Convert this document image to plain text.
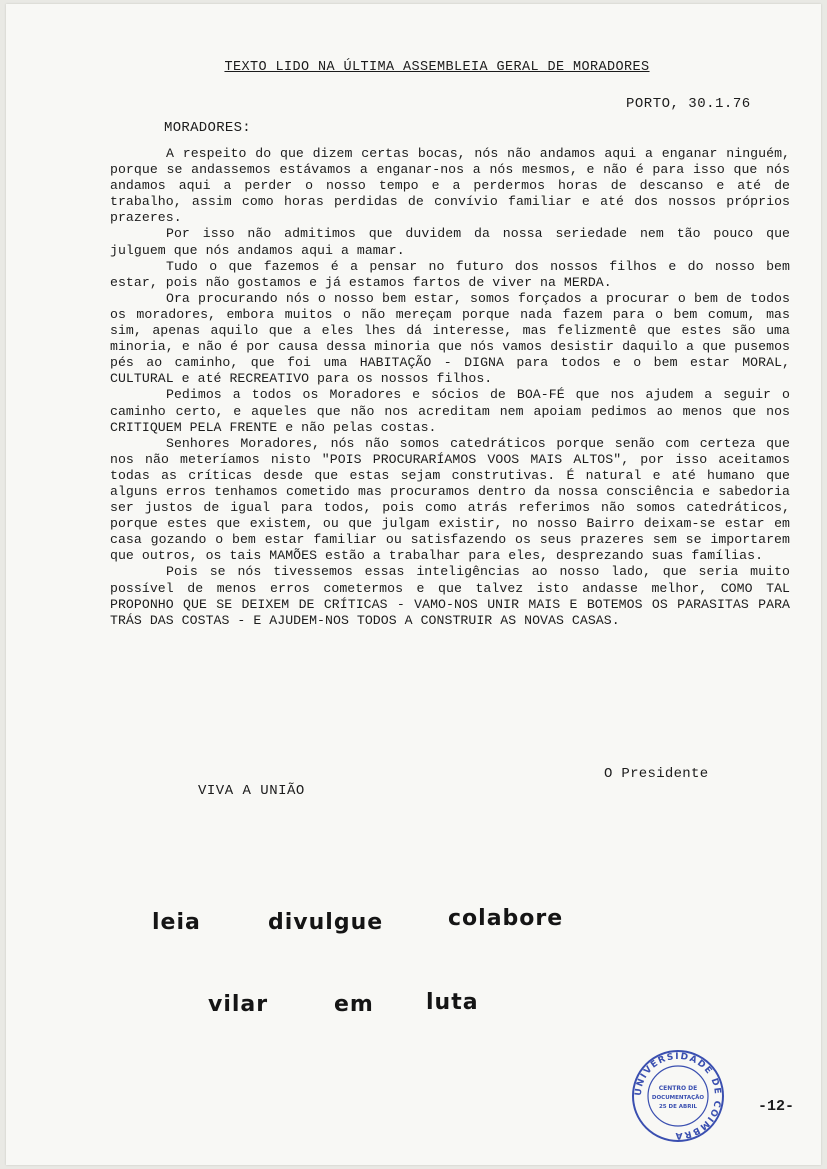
TEXTO LIDO NA ÚLTIMA ASSEMBLEIA GERAL DE MORADORES
PORTO, 30.1.76
MORADORES:

A respeito do que dizem certas bocas, nós não andamos aqui a enganar ninguém, porque se andassemos estávamos a enganar-nos a nós mesmos, e não é para isso que nós andamos aqui a perder o nosso tempo e a perdermos horas de descanso e até de trabalho, assim como horas perdidas de convívio familiar e até dos nossos próprios prazeres.

Por isso não admitimos que duvidem da nossa seriedade nem tão pouco que julguem que nós andamos aqui a mamar.

Tudo o que fazemos é a pensar no futuro dos nossos filhos e do nosso bem estar, pois não gostamos e já estamos fartos de viver na MERDA.

Ora procurando nós o nosso bem estar, somos forçados a procurar o bem de todos os moradores, embora muitos o não mereçam porque nada fazem para o bem comum, mas sim, apenas aquilo que a eles lhes dá interesse, mas felizmentê que estes são uma minoria, e não é por causa dessa minoria que nós vamos desistir daquilo a que pusemos pés ao caminho, que foi uma HABITAÇÃO - DIGNA para todos e o bem estar MORAL, CULTURAL e até RECREATIVO para os nossos filhos.

Pedimos a todos os Moradores e sócios de BOA-FÉ que nos ajudem a seguir o caminho certo, e aqueles que não nos acreditam nem apoiam pedimos ao menos que nos CRITIQUEM PELA FRENTE e não pelas costas.

Senhores Moradores, nós não somos catedráticos porque senão com certeza que nos não meteríamos nisto "POIS PROCURARÍAMOS VOOS MAIS ALTOS", por isso aceitamos todas as críticas desde que estas sejam construtivas. É natural e até humano que alguns erros tenhamos cometido mas procuramos dentro da nossa consciência e sabedoria ser justos de igual para todos, pois como atrás referimos não somos catedráticos, porque estes que existem, ou que julgam existir, no nosso Bairro deixam-se estar em casa gozando o bem estar familiar ou satisfazendo os seus prazeres sem se importarem que outros, os tais MAMÕES estão a trabalhar para eles, desprezando suas famílias.

Pois se nós tivessemos essas inteligências ao nosso lado, que seria muito possível de menos erros cometermos e que talvez isto andasse melhor, COMO TAL PROPONHO QUE SE DEIXEM DE CRÍTICAS - VAMO-NOS UNIR MAIS E BOTEMOS OS PARASITAS PARA TRÁS DAS COSTAS - E AJUDEM-NOS TODOS A CONSTRUIR AS NOVAS CASAS.

O Presidente
VIVA A UNIÃO
leia	divulgue	colabore
vilar	em luta
UNIVERSIDADE DE COIMBRA
CENTRO DE
DOCUMENTAÇÃO
25 DE ABRIL	-12-
